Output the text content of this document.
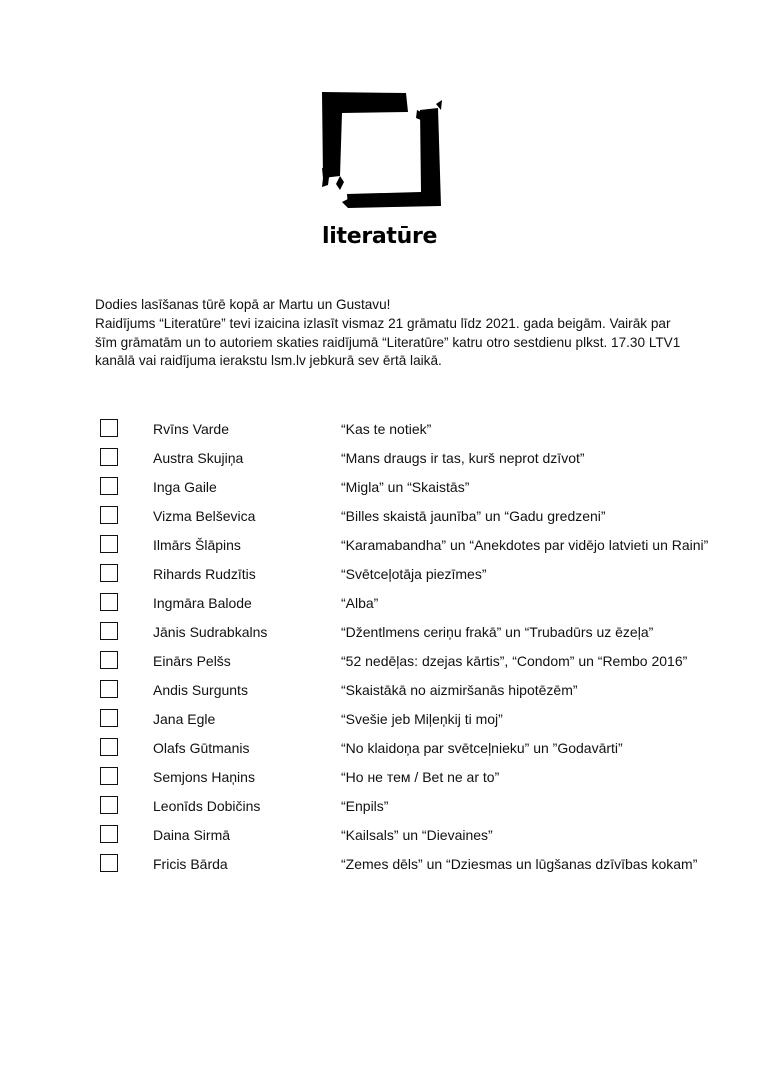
literatūre

Dodies lasīšanas tūrē kopā ar Martu un Gustavu!

Raidījums “Literatūre” tevi izaicina izlasīt vismaz 21 grāmatu līdz 2021. gada beigām. Vairāk par šīm grāmatām un to autoriem skaties raidījumā “Literatūre” katru otro sestdienu plkst. 17.30 LTV1 kanālā vai raidījuma ierakstu lsm.lv jebkurā sev ērtā laikā.

Rvīns Varde	“Kas te notiek”
Austra Skujiņa	“Mans draugs ir tas, kurš neprot dzīvot”
Inga Gaile	“Migla” un “Skaistās”
Vizma Belševica	“Billes skaistā jaunība” un “Gadu gredzeni”
Ilmārs Šlāpins	“Karamabandha” un “Anekdotes par vidējo latvieti un Raini”
Rihards Rudzītis	“Svētceļotāja piezīmes”
Ingmāra Balode	“Alba”
Jānis Sudrabkalns	“Džentlmens ceriņu frakā” un “Trubadūrs uz ēzeļa”
Einārs Pelšs	“52 nedēļas: dzejas kārtis”, “Condom” un “Rembo 2016”
Andis Surgunts	“Skaistākā no aizmiršanās hipotēzēm”
Jana Egle	“Svešie jeb Miļeņkij ti moj”
Olafs Gūtmanis	“No klaidoņa par svētceļnieku” un ”Godavārti”
Semjons Haņins	“Но не тем / Bet ne ar to”
Leonīds Dobičins	“Enpils”
Daina Sirmā	“Kailsals” un “Dievaines”
Fricis Bārda	“Zemes dēls” un “Dziesmas un lūgšanas dzīvības kokam”
